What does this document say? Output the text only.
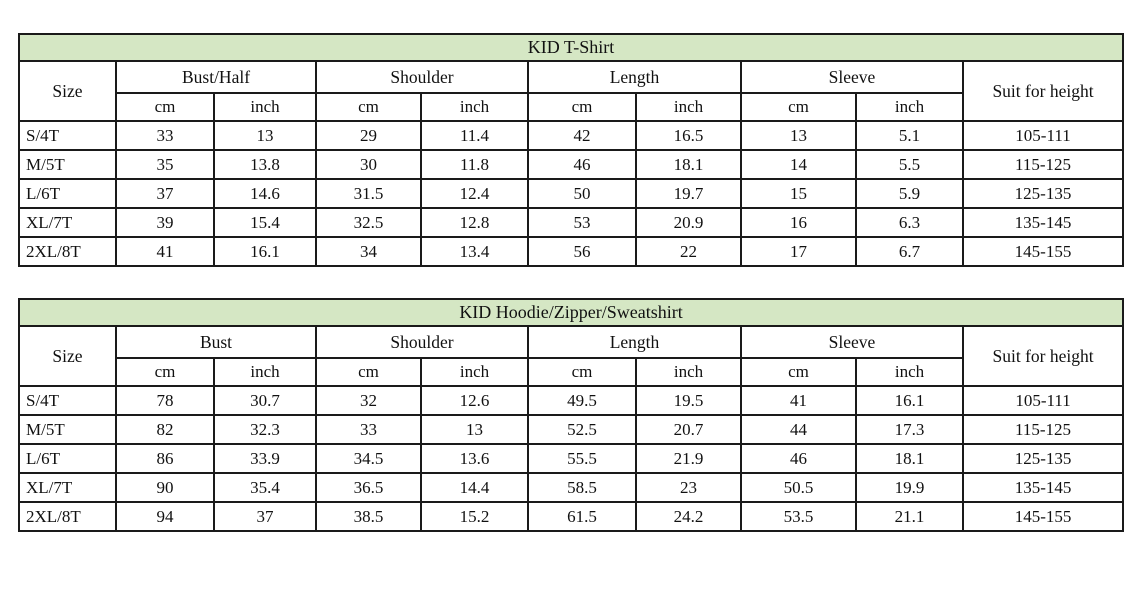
KID T-Shirt									
Size	Bust/Half		Shoulder		Length		Sleeve		Suit for height
	cm	inch	cm	inch	cm	inch	cm	inch	
S/4T	33	13	29	11.4	42	16.5	13	5.1	105-111
M/5T	35	13.8	30	11.8	46	18.1	14	5.5	115-125
L/6T	37	14.6	31.5	12.4	50	19.7	15	5.9	125-135
XL/7T	39	15.4	32.5	12.8	53	20.9	16	6.3	135-145
2XL/8T	41	16.1	34	13.4	56	22	17	6.7	145-155
KID Hoodie/Zipper/Sweatshirt									
Size	Bust		Shoulder		Length		Sleeve		Suit for height
	cm	inch	cm	inch	cm	inch	cm	inch	
S/4T	78	30.7	32	12.6	49.5	19.5	41	16.1	105-111
M/5T	82	32.3	33	13	52.5	20.7	44	17.3	115-125
L/6T	86	33.9	34.5	13.6	55.5	21.9	46	18.1	125-135
XL/7T	90	35.4	36.5	14.4	58.5	23	50.5	19.9	135-145
2XL/8T	94	37	38.5	15.2	61.5	24.2	53.5	21.1	145-155
